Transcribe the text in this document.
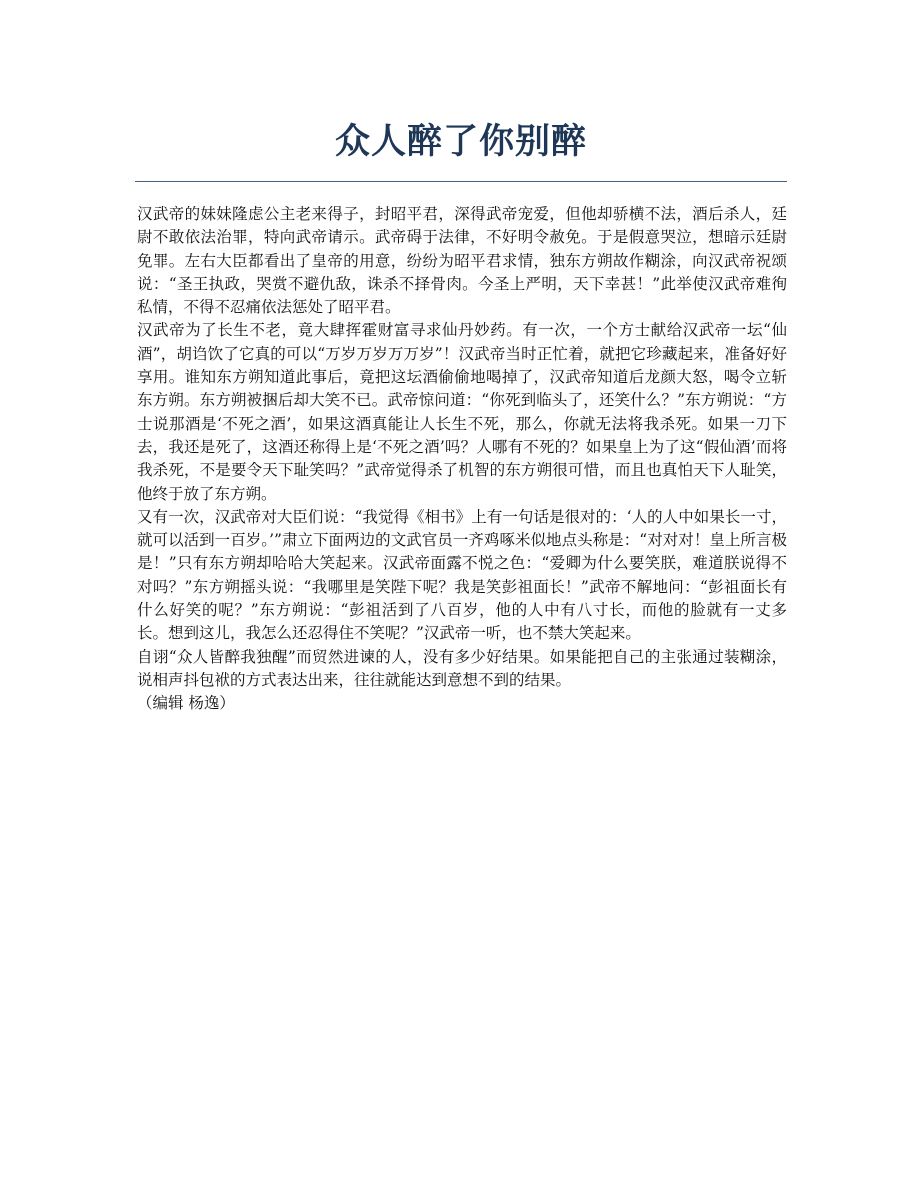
众人醉了你别醉

汉武帝的妹妹隆虑公主老来得子，封昭平君，深得武帝宠爱，但他却骄横不法，酒后杀人，廷尉不敢依法治罪，特向武帝请示。武帝碍于法律，不好明令赦免。于是假意哭泣，想暗示廷尉免罪。左右大臣都看出了皇帝的用意，纷纷为昭平君求情，独东方朔故作糊涂，向汉武帝祝颂说：“圣王执政，哭赏不避仇敌，诛杀不择骨肉。今圣上严明，天下幸甚！”此举使汉武帝难徇私情，不得不忍痛依法惩处了昭平君。

汉武帝为了长生不老，竟大肆挥霍财富寻求仙丹妙药。有一次，一个方士献给汉武帝一坛“仙酒”，胡诌饮了它真的可以“万岁万岁万万岁”！汉武帝当时正忙着，就把它珍藏起来，准备好好享用。谁知东方朔知道此事后，竟把这坛酒偷偷地喝掉了，汉武帝知道后龙颜大怒，喝令立斩东方朔。东方朔被捆后却大笑不已。武帝惊问道：“你死到临头了，还笑什么？”东方朔说：“方士说那酒是‘不死之酒’，如果这酒真能让人长生不死，那么，你就无法将我杀死。如果一刀下去，我还是死了，这酒还称得上是‘不死之酒’吗？人哪有不死的？如果皇上为了这“假仙酒’而将我杀死，不是要令天下耻笑吗？”武帝觉得杀了机智的东方朔很可惜，而且也真怕天下人耻笑，他终于放了东方朔。

又有一次，汉武帝对大臣们说：“我觉得《相书》上有一句话是很对的：‘人的人中如果长一寸，就可以活到一百岁。’”肃立下面两边的文武官员一齐鸡啄米似地点头称是：“对对对！皇上所言极是！”只有东方朔却哈哈大笑起来。汉武帝面露不悦之色：“爱卿为什么要笑朕，难道朕说得不对吗？”东方朔摇头说：“我哪里是笑陛下呢？我是笑彭祖面长！”武帝不解地问：“彭祖面长有什么好笑的呢？”东方朔说：“彭祖活到了八百岁，他的人中有八寸长，而他的脸就有一丈多长。想到这儿，我怎么还忍得住不笑呢？”汉武帝一听，也不禁大笑起来。

自诩“众人皆醉我独醒”而贸然进谏的人，没有多少好结果。如果能把自己的主张通过装糊涂，说相声抖包袱的方式表达出来，往往就能达到意想不到的结果。

（编辑 杨逸）
